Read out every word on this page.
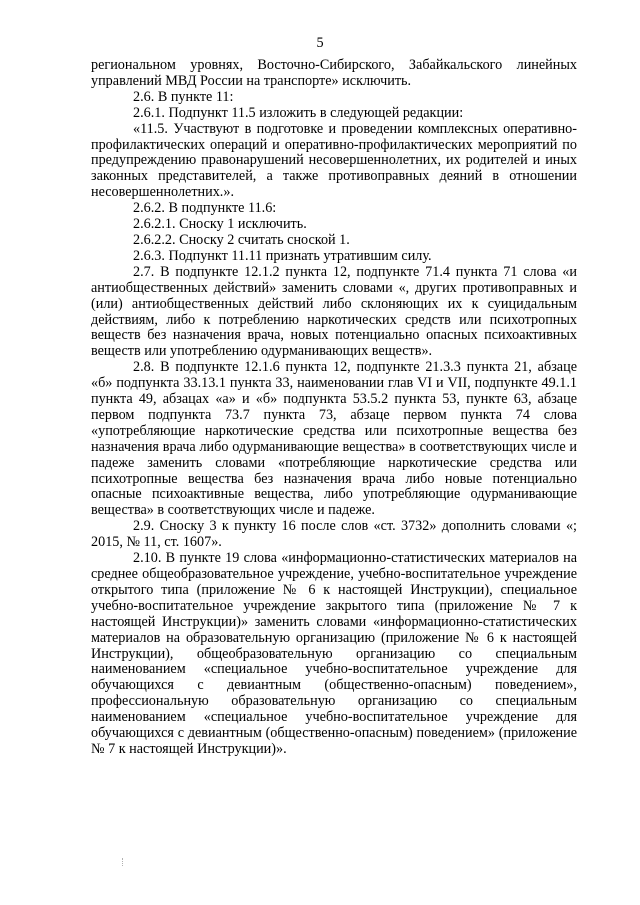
5

региональном уровнях, Восточно-Сибирского, Забайкальского линейных управлений МВД России на транспорте» исключить.

2.6. В пункте 11:

2.6.1. Подпункт 11.5 изложить в следующей редакции:

«11.5. Участвуют в подготовке и проведении комплексных оперативно-профилактических операций и оперативно-профилактических мероприятий по предупреждению правонарушений несовершеннолетних, их родителей и иных законных представителей, а также противоправных деяний в отношении несовершеннолетних.».

2.6.2. В подпункте 11.6:

2.6.2.1. Сноску 1 исключить.

2.6.2.2. Сноску 2 считать сноской 1.

2.6.3. Подпункт 11.11 признать утратившим силу.

2.7. В подпункте 12.1.2 пункта 12, подпункте 71.4 пункта 71 слова «и антиобщественных действий» заменить словами «, других противоправных и (или) антиобщественных действий либо склоняющих их к суицидальным действиям, либо к потреблению наркотических средств или психотропных веществ без назначения врача, новых потенциально опасных психоактивных веществ или употреблению одурманивающих веществ».

2.8. В подпункте 12.1.6 пункта 12, подпункте 21.3.3 пункта 21, абзаце «б» подпункта 33.13.1 пункта 33, наименовании глав VI и VII, подпункте 49.1.1 пункта 49, абзацах «а» и «б» подпункта 53.5.2 пункта 53, пункте 63, абзаце первом подпункта 73.7 пункта 73, абзаце первом пункта 74 слова «употребляющие наркотические средства или психотропные вещества без назначения врача либо одурманивающие вещества» в соответствующих числе и падеже заменить словами «потребляющие наркотические средства или психотропные вещества без назначения врача либо новые потенциально опасные психоактивные вещества, либо употребляющие одурманивающие вещества» в соответствующих числе и падеже.

2.9. Сноску 3 к пункту 16 после слов «ст. 3732» дополнить словами «; 2015, № 11, ст. 1607».

2.10. В пункте 19 слова «информационно-статистических материалов на среднее общеобразовательное учреждение, учебно-воспитательное учреждение открытого типа (приложение № 6 к настоящей Инструкции), специальное учебно-воспитательное учреждение закрытого типа (приложение № 7 к настоящей Инструкции)» заменить словами «информационно-статистических материалов на образовательную организацию (приложение № 6 к настоящей Инструкции), общеобразовательную организацию со специальным наименованием «специальное учебно-воспитательное учреждение для обучающихся с девиантным (общественно-опасным) поведением», профессиональную образовательную организацию со специальным наименованием «специальное учебно-воспитательное учреждение для обучающихся с девиантным (общественно-опасным) поведением» (приложение № 7 к настоящей Инструкции)».
